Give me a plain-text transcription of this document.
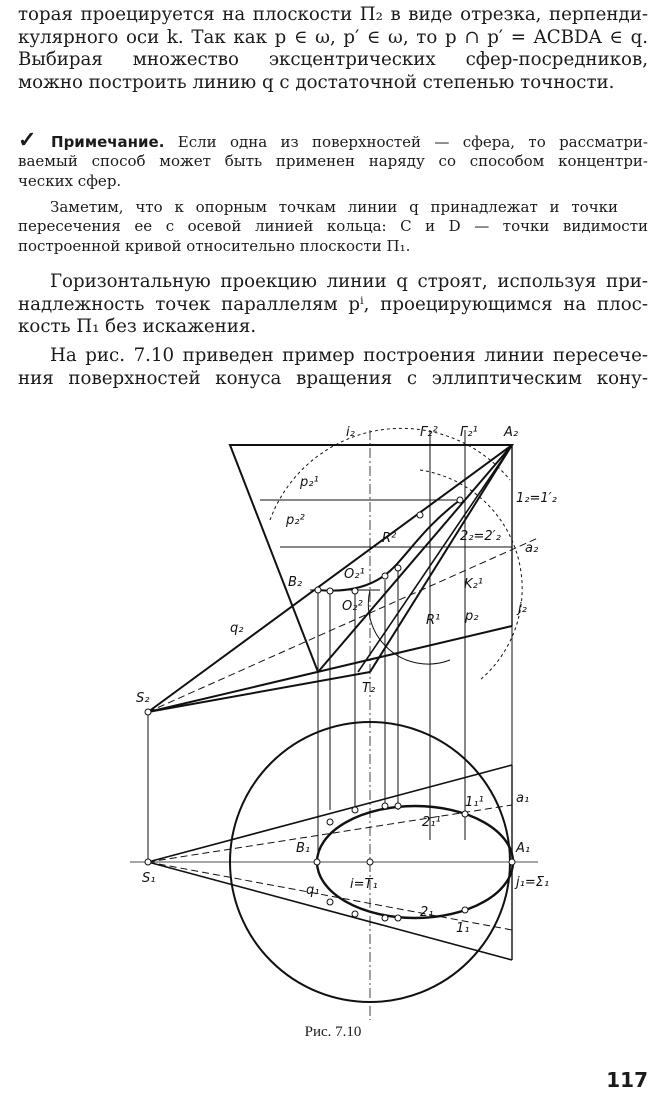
торая проецируется на плоскости П₂ в виде отрезка, перпенди-
кулярного оси k. Так как p ∈ ω, p′ ∈ ω, то p ∩ p′ = ACBDA ∈ q.
Выбирая множество эксцентрических сфер-посредников,
можно построить линию q с достаточной степенью точности.

✓ Примечание. Если одна из поверхностей — сфера, то рассматри-
ваемый способ может быть применен наряду со способом концентри-
ческих сфер.

Заметим, что к опорным точкам линии q принадлежат и точки
пересечения ее с осевой линией кольца: C и D — точки видимости
построенной кривой относительно плоскости П₁.

Горизонтальную проекцию линии q строят, используя при-
надлежность точек параллелям pⁱ, проецирующимся на плос-
кость П₁ без искажения.

На рис. 7.10 приведен пример построения линии пересече-
ния поверхностей конуса вращения с эллиптическим кону-

i₂	Γ₂² Γ₂¹ A₂
p₂¹
p₂²
1₂=1′₂
R²	2₂=2′₂
a₂
B₂
O₂¹
K₂¹
O₂²
R¹ p₂
j₂
q₂
S₂
T₂
a₁
1₁¹
2₁¹
B₁	A₁
S₁	i=T₁	j₁=Σ₁
q₁
2₁
1₁
Рис. 7.10
117
